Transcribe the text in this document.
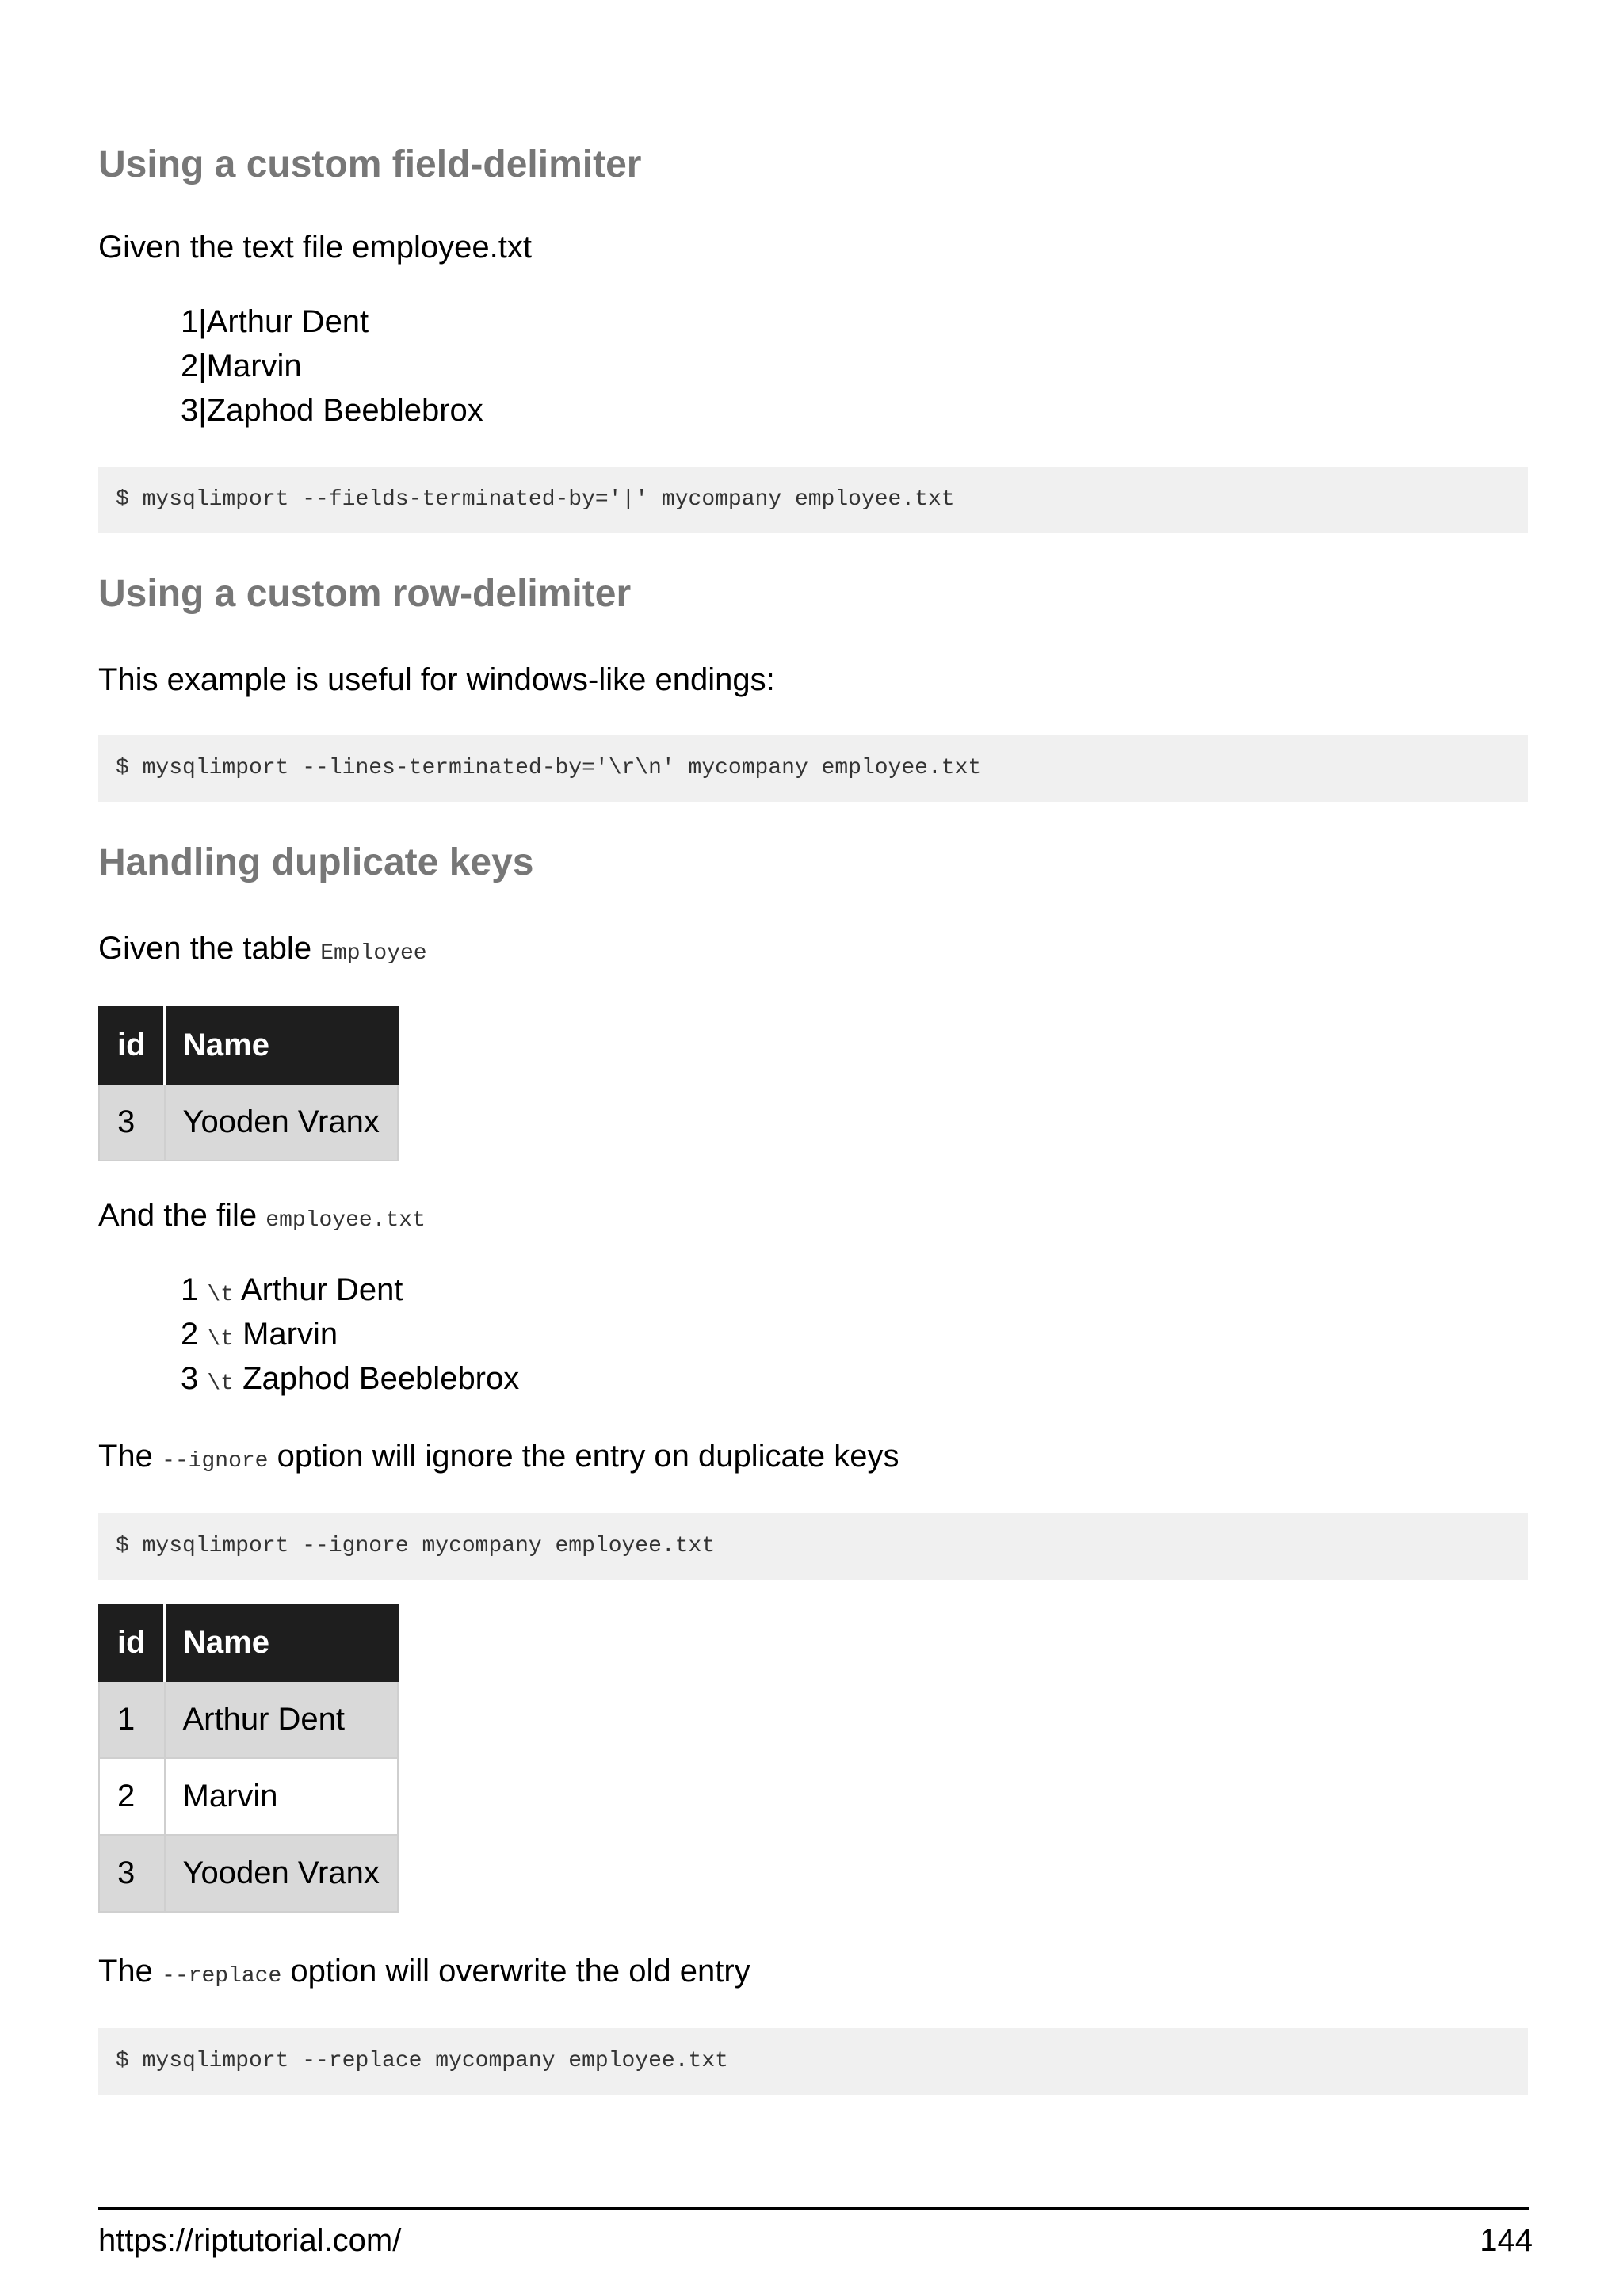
Using a custom field-delimiter

Given the text file employee.txt

1|Arthur Dent
2|Marvin
3|Zaphod Beeblebrox
$ mysqlimport --fields-terminated-by='|' mycompany employee.txt
Using a custom row-delimiter

This example is useful for windows-like endings:

$ mysqlimport --lines-terminated-by='\r\n' mycompany employee.txt
Handling duplicate keys

Given the table Employee

id	Name
3	Yooden Vranx

And the file employee.txt

1 \t Arthur Dent
2 \t Marvin
3 \t Zaphod Beeblebrox

The --ignore option will ignore the entry on duplicate keys

$ mysqlimport --ignore mycompany employee.txt
id	Name
1	Arthur Dent
2	Marvin
3	Yooden Vranx

The --replace option will overwrite the old entry

$ mysqlimport --replace mycompany employee.txt
https://riptutorial.com/	144
